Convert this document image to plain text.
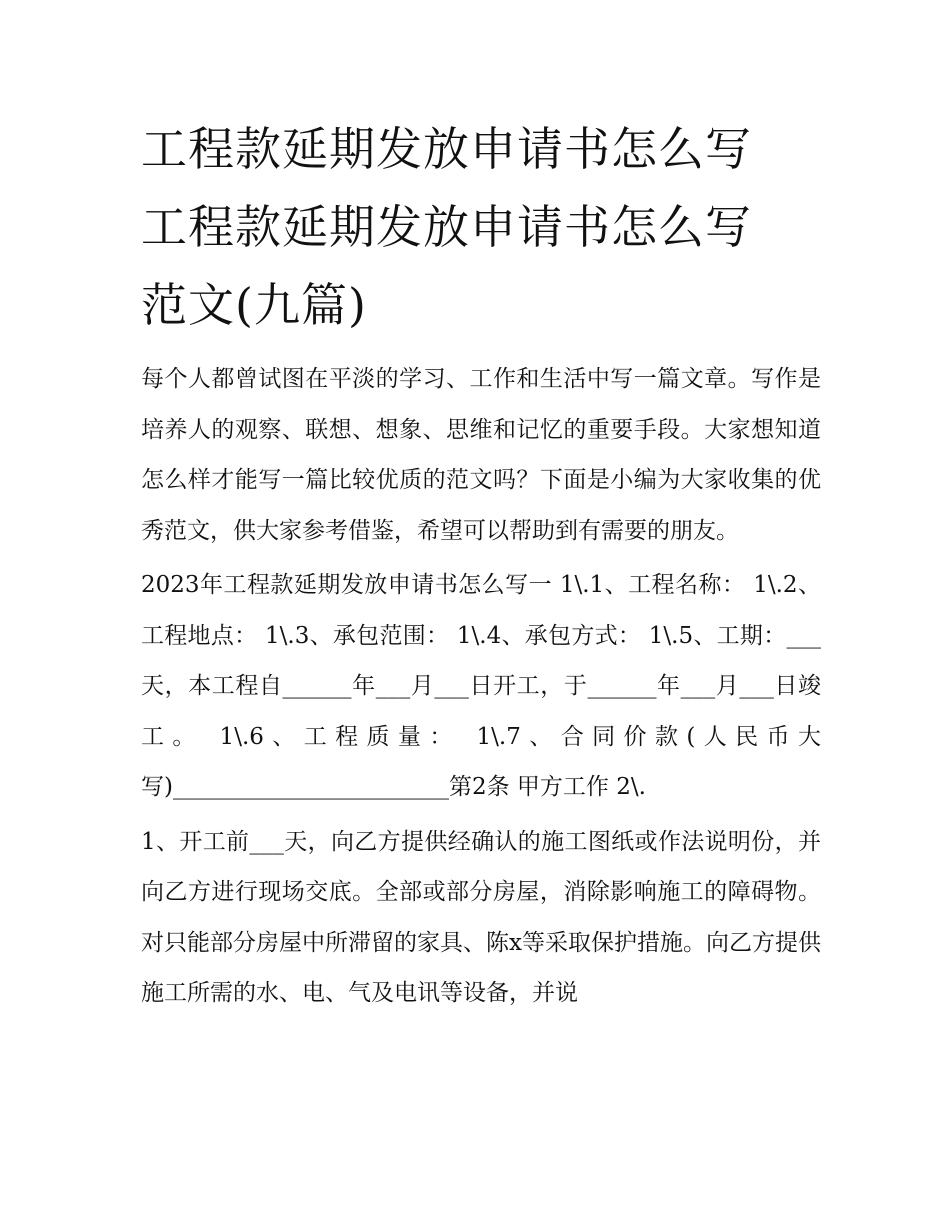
工程款延期发放申请书怎么写
工程款延期发放申请书怎么写
范文(九篇)

每个人都曾试图在平淡的学习、工作和生活中写一篇文章。写作是培养人的观察、联想、想象、思维和记忆的重要手段。大家想知道怎么样才能写一篇比较优质的范文吗？下面是小编为大家收集的优秀范文，供大家参考借鉴，希望可以帮助到有需要的朋友。

2023年工程款延期发放申请书怎么写一 1\.1、工程名称： 1\.2、工程地点： 1\.3、承包范围： 1\.4、承包方式： 1\.5、工期：___天，本工程自______年___月___日开工，于______年___月___日竣工。 1\.6、工程质量： 1\.7、合同价款(人民币大写)________________________第2条 甲方工作 2\.

1、开工前___天，向乙方提供经确认的施工图纸或作法说明份，并向乙方进行现场交底。全部或部分房屋，消除影响施工的障碍物。对只能部分房屋中所滞留的家具、陈x等采取保护措施。向乙方提供施工所需的水、电、气及电讯等设备，并说
